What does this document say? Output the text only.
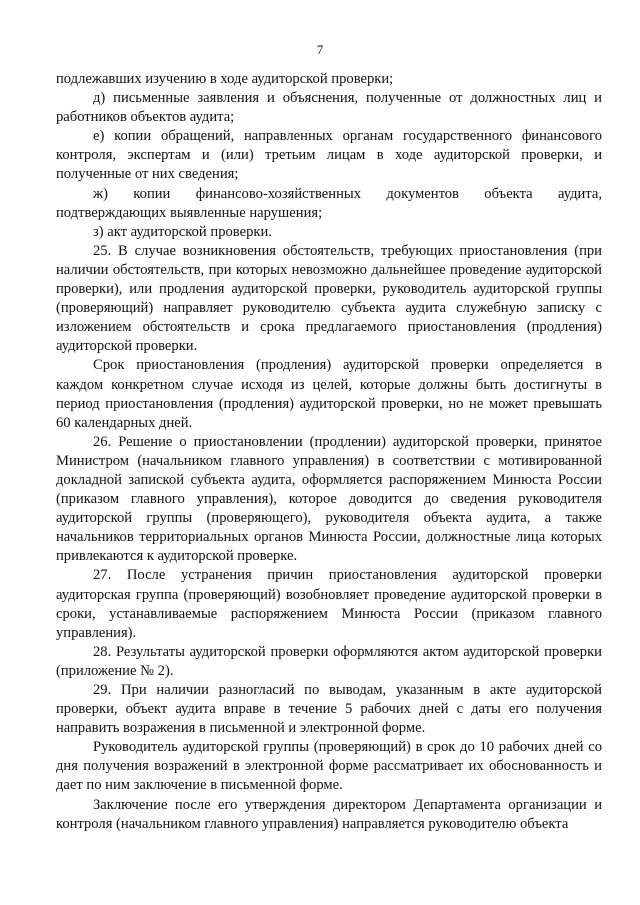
7

подлежавших изучению в ходе аудиторской проверки;

д) письменные заявления и объяснения, полученные от должностных лиц и работников объектов аудита;

е) копии обращений, направленных органам государственного финансового контроля, экспертам и (или) третьим лицам в ходе аудиторской проверки, и полученные от них сведения;

ж) копии финансово-хозяйственных документов объекта аудита, подтверждающих выявленные нарушения;

з) акт аудиторской проверки.

25. В случае возникновения обстоятельств, требующих приостановления (при наличии обстоятельств, при которых невозможно дальнейшее проведение аудиторской проверки), или продления аудиторской проверки, руководитель аудиторской группы (проверяющий) направляет руководителю субъекта аудита служебную записку с изложением обстоятельств и срока предлагаемого приостановления (продления) аудиторской проверки.

Срок приостановления (продления) аудиторской проверки определяется в каждом конкретном случае исходя из целей, которые должны быть достигнуты в период приостановления (продления) аудиторской проверки, но не может превышать 60 календарных дней.

26. Решение о приостановлении (продлении) аудиторской проверки, принятое Министром (начальником главного управления) в соответствии с мотивированной докладной запиской субъекта аудита, оформляется распоряжением Минюста России (приказом главного управления), которое доводится до сведения руководителя аудиторской группы (проверяющего), руководителя объекта аудита, а также начальников территориальных органов Минюста России, должностные лица которых привлекаются к аудиторской проверке.

27. После устранения причин приостановления аудиторской проверки аудиторская группа (проверяющий) возобновляет проведение аудиторской проверки в сроки, устанавливаемые распоряжением Минюста России (приказом главного управления).

28. Результаты аудиторской проверки оформляются актом аудиторской проверки (приложение № 2).

29. При наличии разногласий по выводам, указанным в акте аудиторской проверки, объект аудита вправе в течение 5 рабочих дней с даты его получения направить возражения в письменной и электронной форме.

Руководитель аудиторской группы (проверяющий) в срок до 10 рабочих дней со дня получения возражений в электронной форме рассматривает их обоснованность и дает по ним заключение в письменной форме.

Заключение после его утверждения директором Департамента организации и контроля (начальником главного управления) направляется руководителю объекта
